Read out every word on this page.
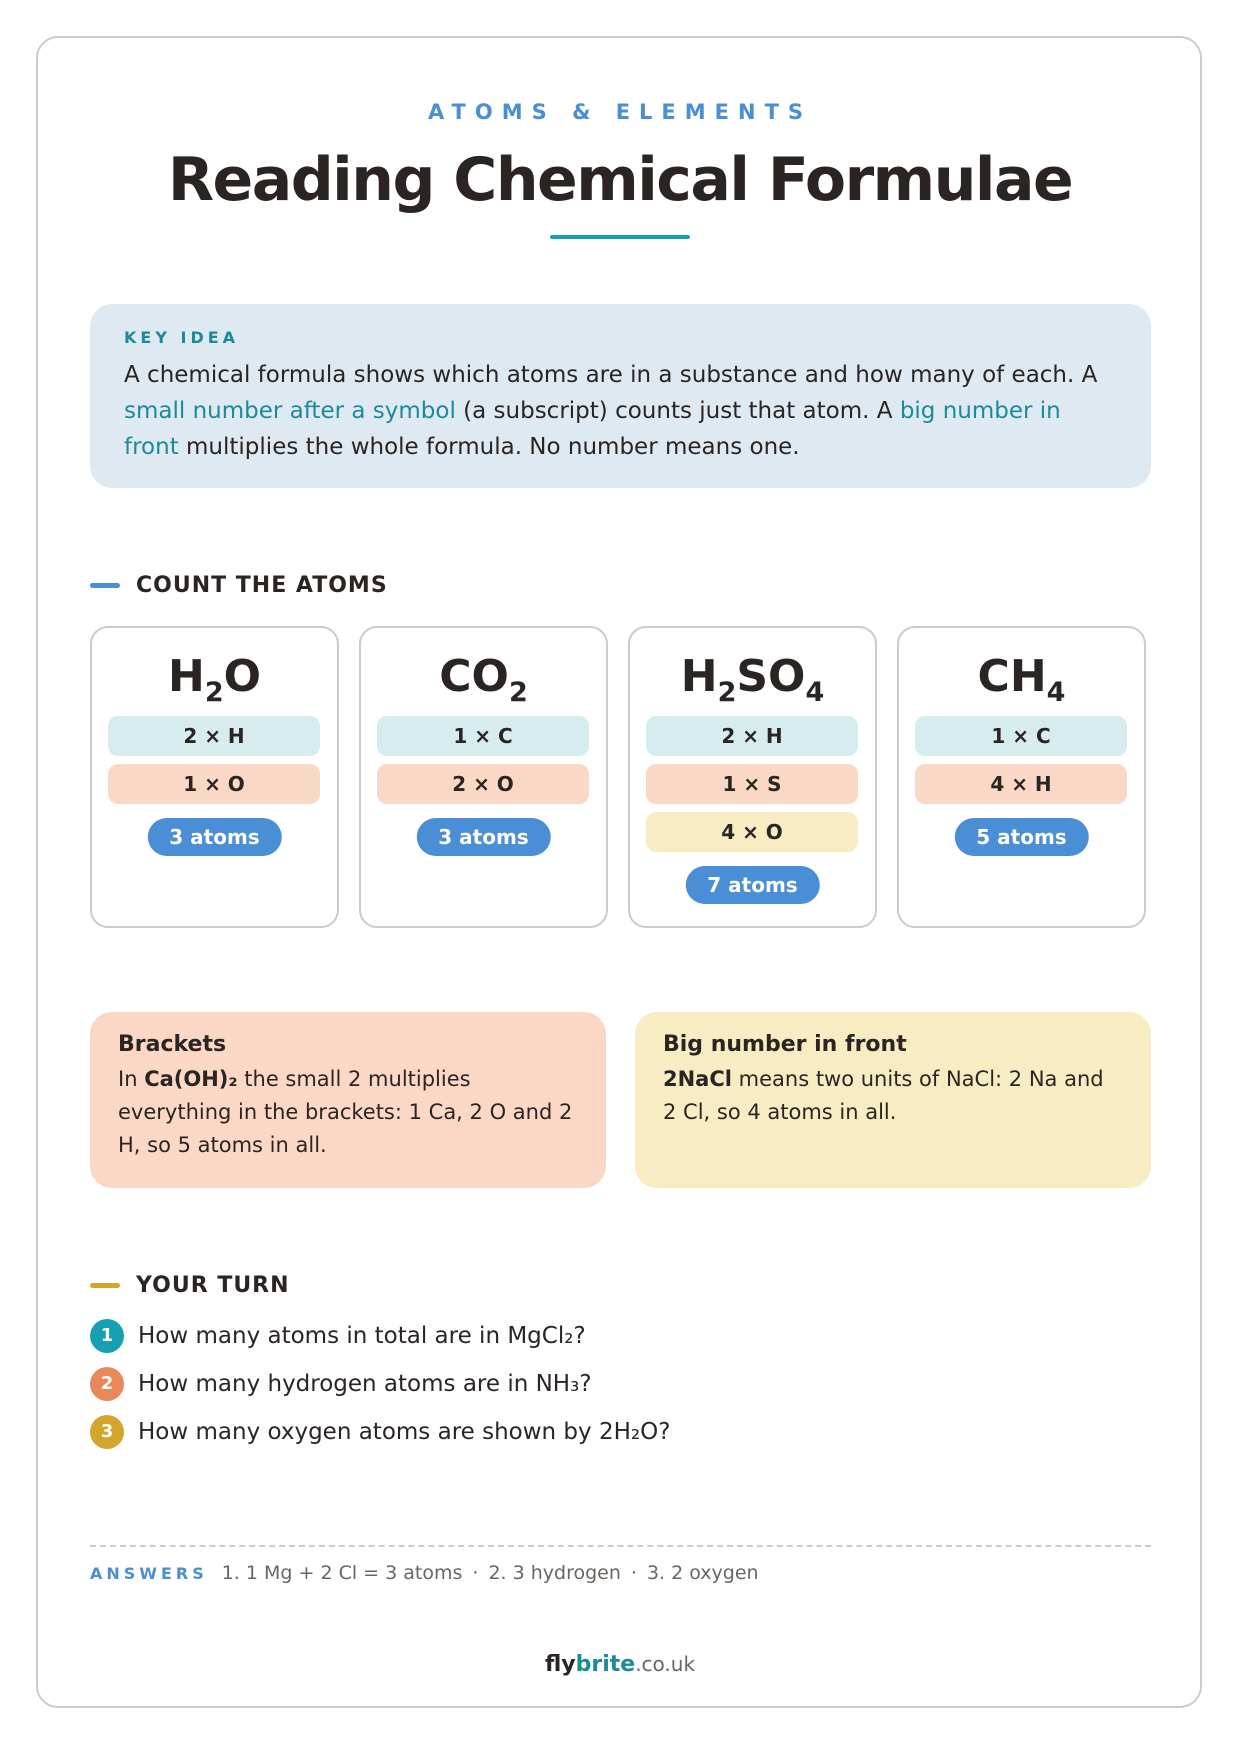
ATOMS & ELEMENTS
Reading Chemical Formulae
KEY IDEA
A chemical formula shows which atoms are in a substance and how many of each. A small number after a symbol (a subscript) counts just that atom. A big number in front multiplies the whole formula. No number means one.
COUNT THE ATOMS
$H_2O$
2 × H
1 × O
3 atoms
$CO_2$
1 × C
2 × O
3 atoms
$H_2SO_4$
2 × H
1 × S
4 × O
7 atoms
$CH_4$
1 × C
4 × H
5 atoms
Brackets

In Ca(OH)₂ the small 2 multiplies everything in the brackets: 1 Ca, 2 O and 2 H, so 5 atoms in all.

Big number in front

2NaCl means two units of NaCl: 2 Na and 2 Cl, so 4 atoms in all.

YOUR TURN
1	How many atoms in total are in MgCl₂?
2	How many hydrogen atoms are in NH₃?
3	How many oxygen atoms are shown by 2H₂O?
ANSWERS 1. 1 Mg + 2 Cl = 3 atoms · 2. 3 hydrogen · 3. 2 oxygen
flybrite.co.uk
